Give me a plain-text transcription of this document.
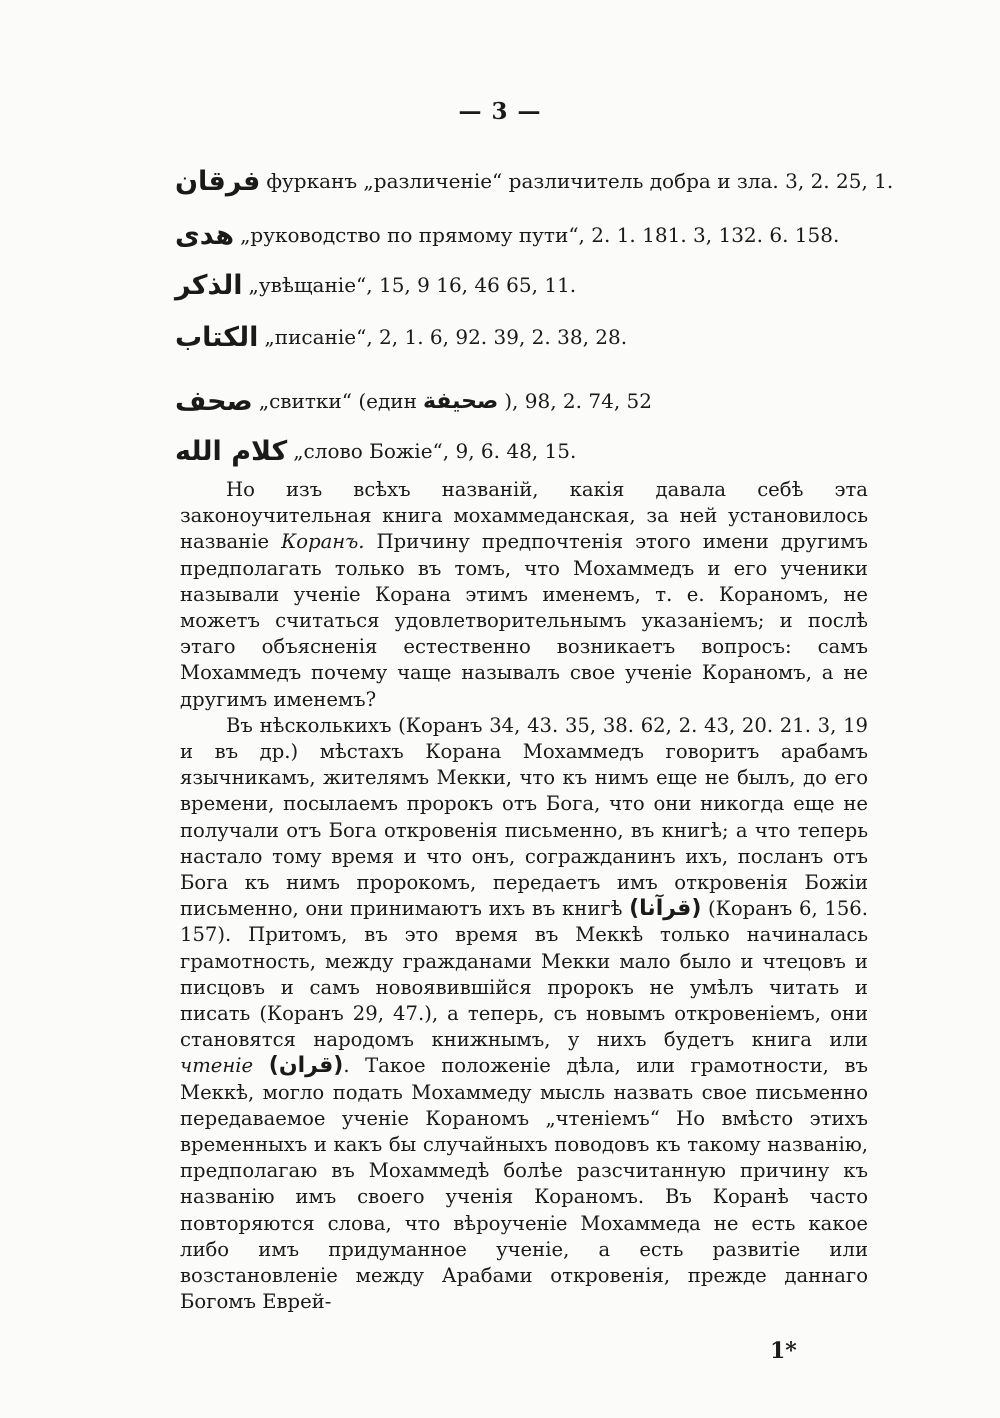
— 3 —
فرقان фурканъ „различеніе“ различитель добра и зла. 3, 2. 25, 1.
هدى „руководство по прямому пути“, 2. 1. 181. 3, 132. 6. 158.
الذكر „увѣщаніе“, 15, 9 16, 46 65, 11.
الكتاب „писаніе“, 2, 1. 6, 92. 39, 2. 38, 28.
صحف „свитки“ (един صحيفة ), 98, 2. 74, 52
كلام الله „слово Божіе“, 9, 6. 48, 15.

Но изъ всѣхъ названій, какія давала себѣ эта законоучительная книга мохаммеданская, за ней установилось названіе Коранъ. Причину предпочтенія этого имени другимъ предполагать только въ томъ, что Мохаммедъ и его ученики называли ученіе Корана этимъ именемъ, т. е. Кораномъ, не можетъ считаться удовлетворительнымъ указаніемъ; и послѣ этаго объясненія естественно возникаетъ вопросъ: самъ Мохаммедъ почему чаще называлъ свое ученіе Кораномъ, а не другимъ именемъ?

Въ нѣсколькихъ (Коранъ 34, 43. 35, 38. 62, 2. 43, 20. 21. 3, 19 и въ др.) мѣстахъ Корана Мохаммедъ говоритъ арабамъ язычникамъ, жителямъ Мекки, что къ нимъ еще не былъ, до его времени, посылаемъ пророкъ отъ Бога, что они никогда еще не получали отъ Бога откровенія письменно, въ книгѣ; а что теперь настало тому время и что онъ, согражданинъ ихъ, посланъ отъ Бога къ нимъ пророкомъ, передаетъ имъ откровенія Божіи письменно, они принимаютъ ихъ въ книгѣ (قرآنا) (Коранъ 6, 156. 157). Притомъ, въ это время въ Меккѣ только начиналась грамотность, между гражданами Мекки мало было и чтецовъ и писцовъ и самъ новоявившійся пророкъ не умѣлъ читать и писать (Коранъ 29, 47.), а теперь, съ новымъ откровеніемъ, они становятся народомъ книжнымъ, у нихъ будетъ книга или чтеніе (قران). Такое положеніе дѣла, или грамотности, въ Меккѣ, могло подать Мохаммеду мысль назвать свое письменно передаваемое ученіе Кораномъ „чтеніемъ“ Но вмѣсто этихъ временныхъ и какъ бы случайныхъ поводовъ къ такому названію, предполагаю въ Мохаммедѣ болѣе разсчитанную причину къ названію имъ своего ученія Кораномъ. Въ Коранѣ часто повторяются слова, что вѣроученіе Мохаммеда не есть какое либо имъ придуманное ученіе, а есть развитіе или возстановленіе между Арабами откровенія, прежде даннаго Богомъ Еврей-

1*
